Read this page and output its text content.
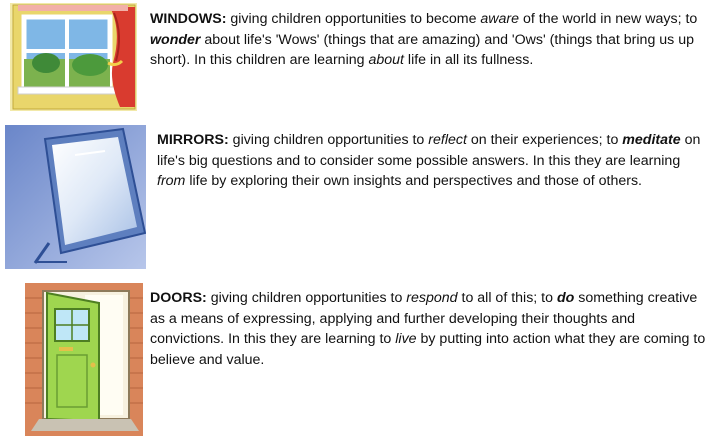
WINDOWS: giving children opportunities to become aware of the world in new ways; to wonder about life's 'Wows' (things that are amazing) and 'Ows' (things that bring us up short). In this children are learning about life in all its fullness.

MIRRORS: giving children opportunities to reflect on their experiences; to meditate on life's big questions and to consider some possible answers. In this they are learning from life by exploring their own insights and perspectives and those of others.

DOORS: giving children opportunities to respond to all of this; to do something creative as a means of expressing, applying and further developing their thoughts and convictions. In this they are learning to live by putting into action what they are coming to believe and value.
